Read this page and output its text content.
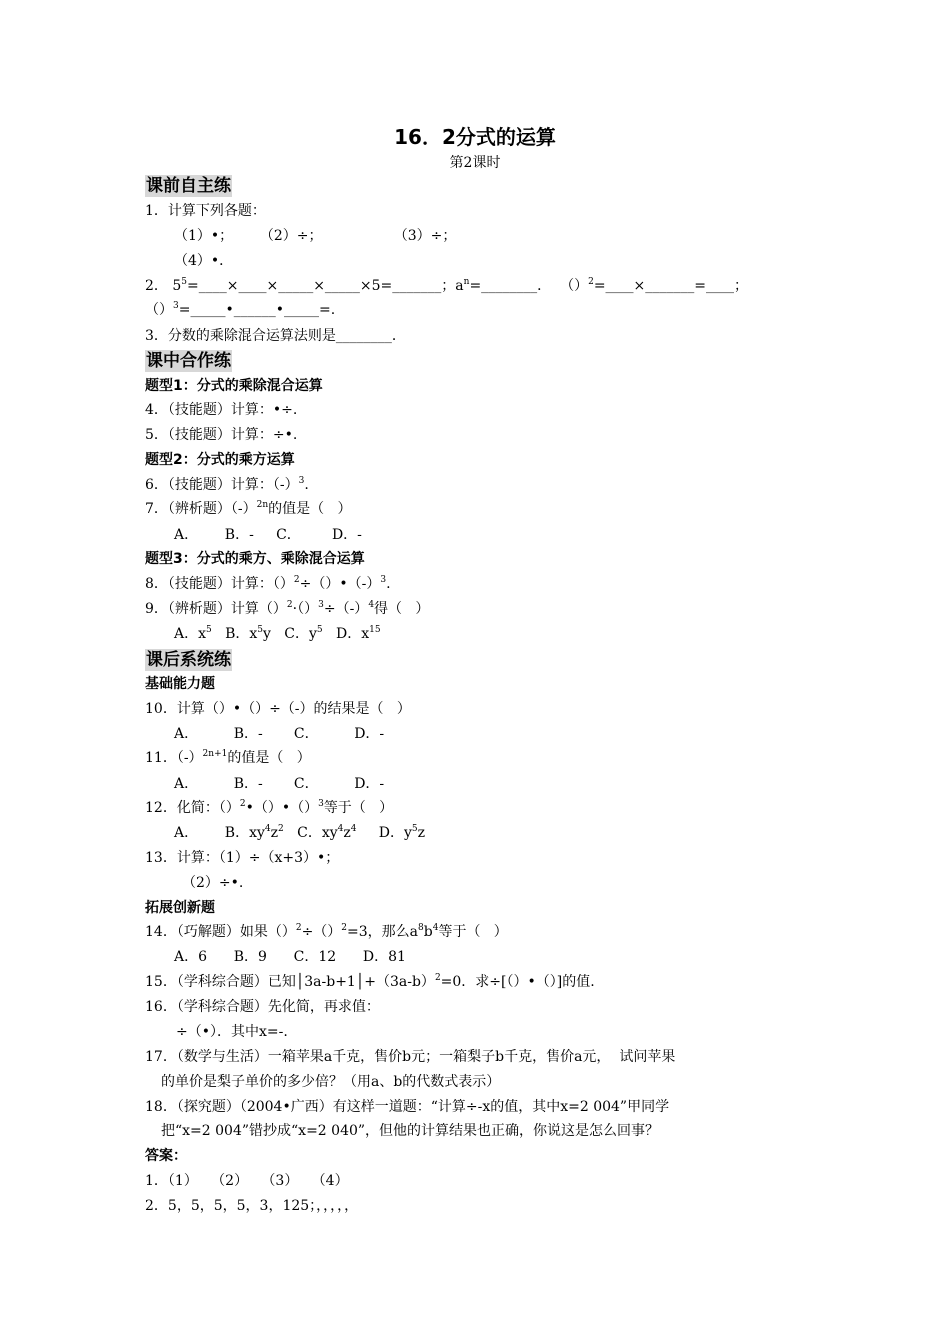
16．2分式的运算
第2课时
课前自主练
1．计算下列各题：
（1）•；      （2）÷；                （3）÷；
（4）•．
2． $5^5=\_\_\_\_\times\_\_\_\_\times\_\_\_\_\_\times\_\_\_\_\_\times 5=\_\_\_\_\_\_\_$；$a^n=\_\_\_\_\_\_\_\_$．  （）$^2$=____×_______=____；
（）$^3$=_____•______•_____=.
3．分数的乘除混合运算法则是________．
课中合作练
题型1：分式的乘除混合运算
4．（技能题）计算：•÷.
5．（技能题）计算：÷•.
题型2：分式的乘方运算
6．（技能题）计算：$(-)^3$.
7．（辨析题）$(-)^{2n}$的值是（   ）
A．      B．-     C．       D．-
题型3：分式的乘方、乘除混合运算
8．（技能题）计算：$()^2\div()•(-)^3$.
9．（辨析题）计算$()^2\cdot()^3\div(-)^4$得（   ）
A．$x^5$   B．$x^5y$   C．$y^5$   D．$x^{15}$
课后系统练
基础能力题
10．计算（）•（）÷（-）的结果是（   ）
A．        B．-       C．        D．-
11．$(-)^{2n+1}$的值是（   ）
A．        B．-       C．        D．-
12．化简：（）$^2$•（）•（）$^3$等于（   ）
A．      B．$xy^4z^2$   C．$xy^4z^4$     D．$y^5z$
13．计算：（1）÷（x+3）•；
（2）÷•.
拓展创新题
14．（巧解题）如果（）$^2$÷（）$^2$=3，那么$a^8b^4$等于（   ）
A．6      B．9      C．12      D．81
15．（学科综合题）已知$│3a-b+1│+(3a-b)^2=0$．求÷[（）•（）]的值.
16．（学科综合题）先化简，再求值：
÷（•）．其中x=-.
17．（数学与生活）一箱苹果a千克，售价b元；一箱梨子b千克，售价a元，  试问苹果
的单价是梨子单价的多少倍？（用a、b的代数式表示）
18．（探究题）（2004•广西）有这样一道题：“计算÷-x的值，其中x=2 004”甲同学
把“x=2 004”错抄成“x=2 040”，但他的计算结果也正确，你说这是怎么回事？
答案：
1．（1）   （2）   （3）   （4）
2．5，5，5，5，3，125；，，，，，
